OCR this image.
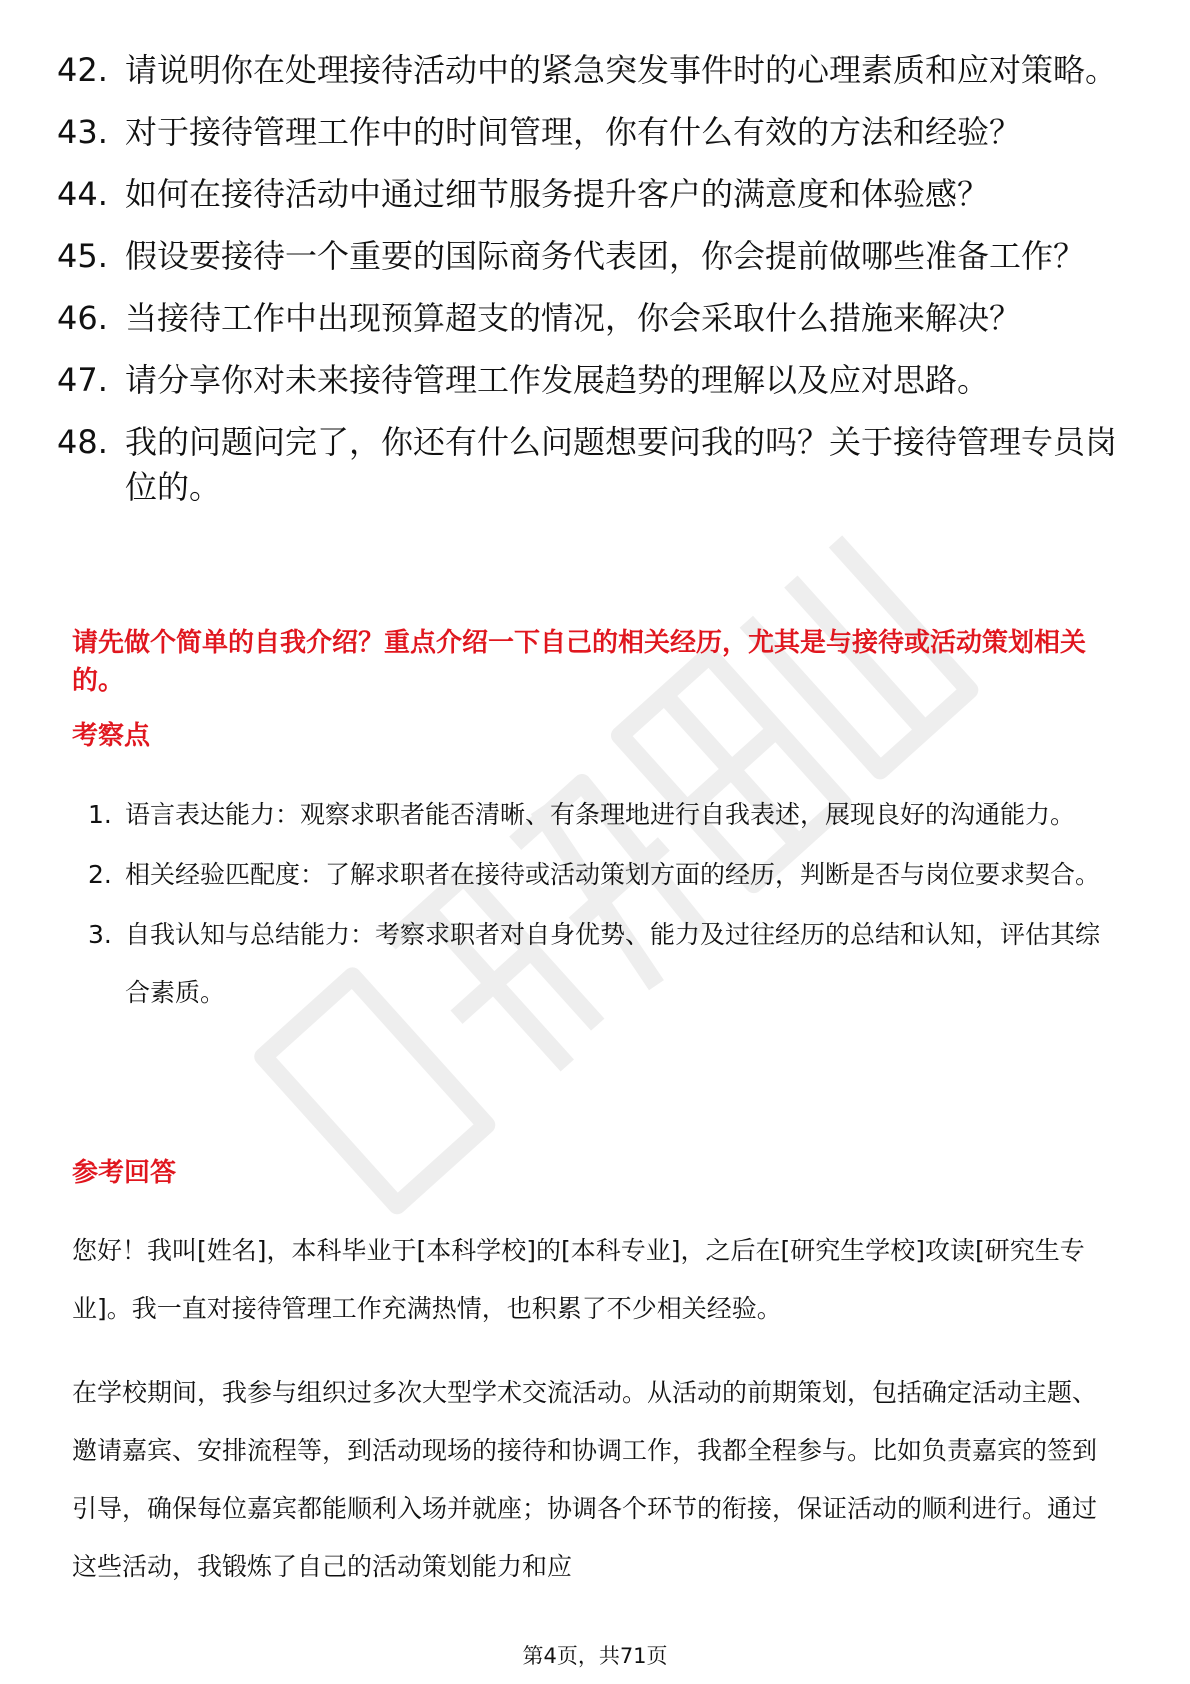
42. 请说明你在处理接待活动中的紧急突发事件时的心理素质和应对策略。
43. 对于接待管理工作中的时间管理，你有什么有效的方法和经验？
44. 如何在接待活动中通过细节服务提升客户的满意度和体验感？
45. 假设要接待一个重要的国际商务代表团，你会提前做哪些准备工作？
46. 当接待工作中出现预算超支的情况，你会采取什么措施来解决？
47. 请分享你对未来接待管理工作发展趋势的理解以及应对思路。
48. 我的问题问完了，你还有什么问题想要问我的吗？关于接待管理专员岗位的。
请先做个简单的自我介绍？重点介绍一下自己的相关经历，尤其是与接待或活动策划相关的。
考察点
1. 语言表达能力：观察求职者能否清晰、有条理地进行自我表述，展现良好的沟通能力。
2. 相关经验匹配度：了解求职者在接待或活动策划方面的经历，判断是否与岗位要求契合。
3. 自我认知与总结能力：考察求职者对自身优势、能力及过往经历的总结和认知，评估其综合素质。
参考回答

您好！我叫[姓名]，本科毕业于[本科学校]的[本科专业]，之后在[研究生学校]攻读[研究生专业]。我一直对接待管理工作充满热情，也积累了不少相关经验。

在学校期间，我参与组织过多次大型学术交流活动。从活动的前期策划，包括确定活动主题、邀请嘉宾、安排流程等，到活动现场的接待和协调工作，我都全程参与。比如负责嘉宾的签到引导，确保每位嘉宾都能顺利入场并就座；协调各个环节的衔接，保证活动的顺利进行。通过这些活动，我锻炼了自己的活动策划能力和应

第4页，共71页
